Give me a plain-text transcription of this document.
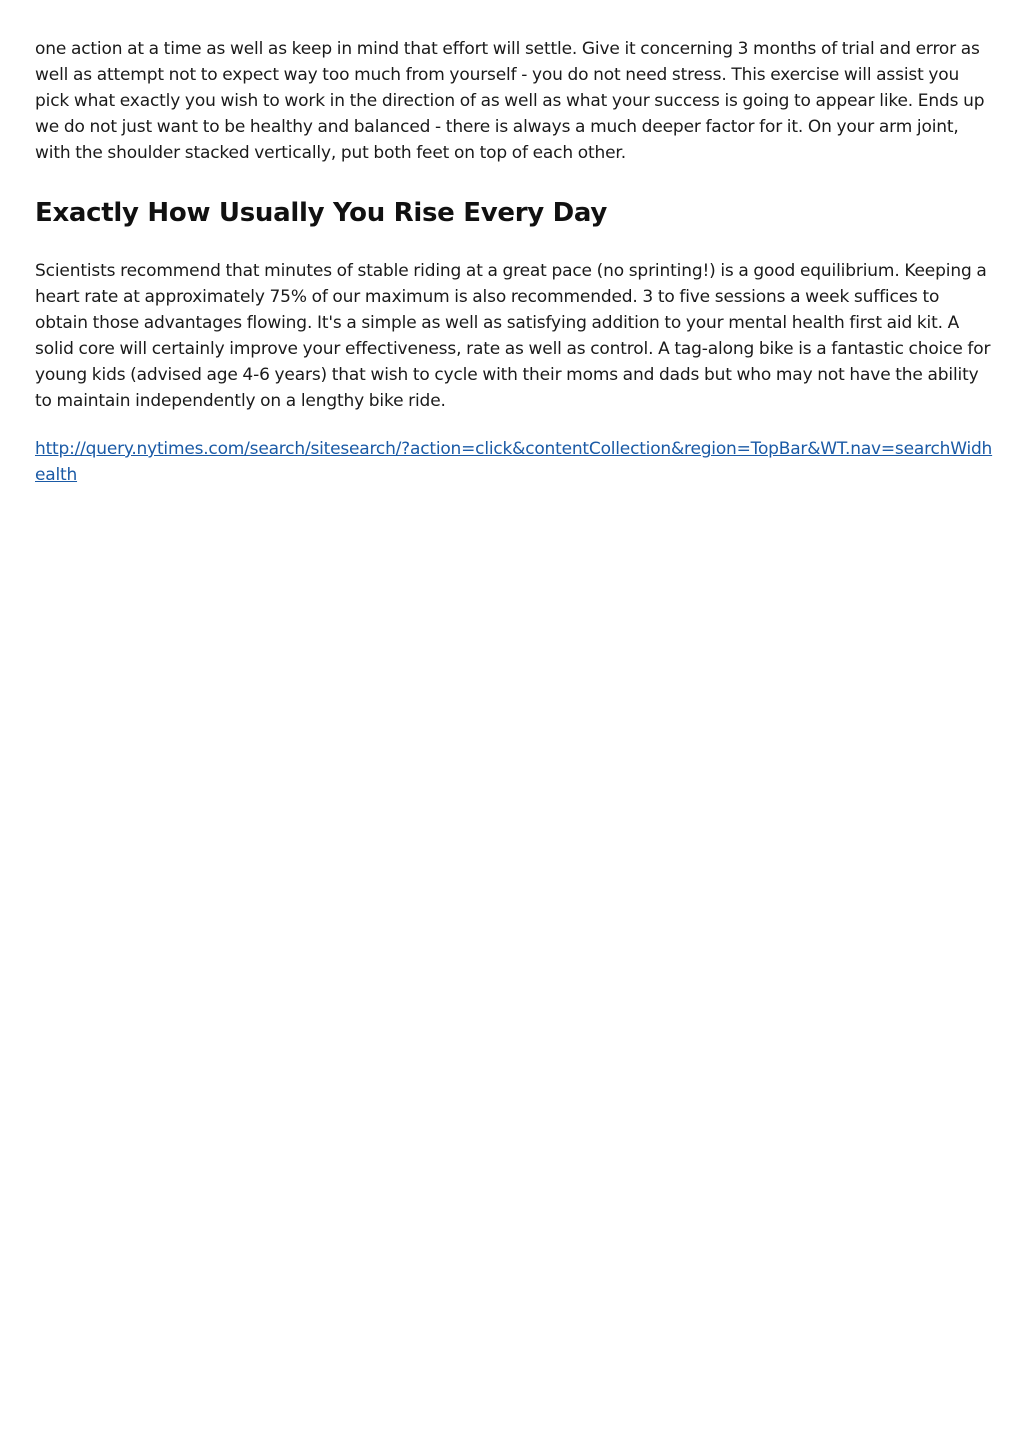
one action at a time as well as keep in mind that effort will settle. Give it concerning 3 months of trial and error as well as attempt not to expect way too much from yourself - you do not need stress. This exercise will assist you pick what exactly you wish to work in the direction of as well as what your success is going to appear like. Ends up we do not just want to be healthy and balanced - there is always a much deeper factor for it. On your arm joint, with the shoulder stacked vertically, put both feet on top of each other.

Exactly How Usually You Rise Every Day

Scientists recommend that minutes of stable riding at a great pace (no sprinting!) is a good equilibrium. Keeping a heart rate at approximately 75% of our maximum is also recommended. 3 to five sessions a week suffices to obtain those advantages flowing. It's a simple as well as satisfying addition to your mental health first aid kit. A solid core will certainly improve your effectiveness, rate as well as control. A tag-along bike is a fantastic choice for young kids (advised age 4-6 years) that wish to cycle with their moms and dads but who may not have the ability to maintain independently on a lengthy bike ride.

http://query.nytimes.com/search/sitesearch/?action=click&contentCollection&region=TopBar&WT.nav=searchWidhealth
